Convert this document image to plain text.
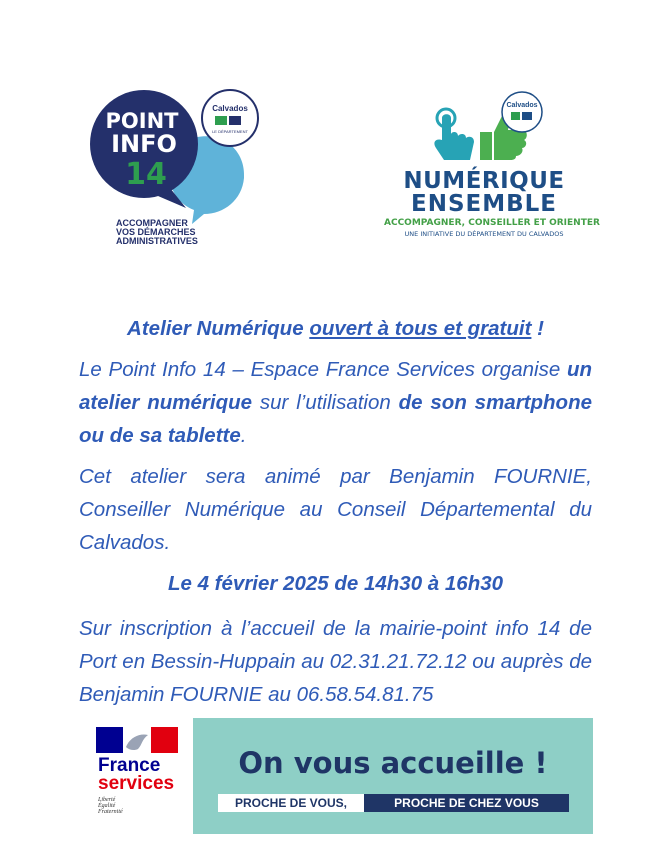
Calvados
LE DÉPARTEMENT
POINT
INFO
14
ACCOMPAGNER
VOS DÉMARCHES
ADMINISTRATIVES
Calvados
NUMÉRIQUE
ENSEMBLE
ACCOMPAGNER, CONSEILLER ET ORIENTER
UNE INITIATIVE DU DÉPARTEMENT DU CALVADOS

Atelier Numérique ouvert à tous et gratuit !

Le Point Info 14 – Espace France Services organise un atelier numérique sur l’utilisation de son smartphone ou de sa tablette.

Cet atelier sera animé par Benjamin FOURNIE, Conseiller Numérique au Conseil Départemental du Calvados.

Le 4 février 2025 de 14h30 à 16h30

Sur inscription à l’accueil de la mairie-point info 14 de Port en Bessin-Huppain au 02.31.21.72.12 ou auprès de Benjamin FOURNIE au 06.58.54.81.75

France
services
Liberté
Égalité
Fraternité
On vous accueille !
PROCHE DE VOUS,	PROCHE DE CHEZ VOUS
